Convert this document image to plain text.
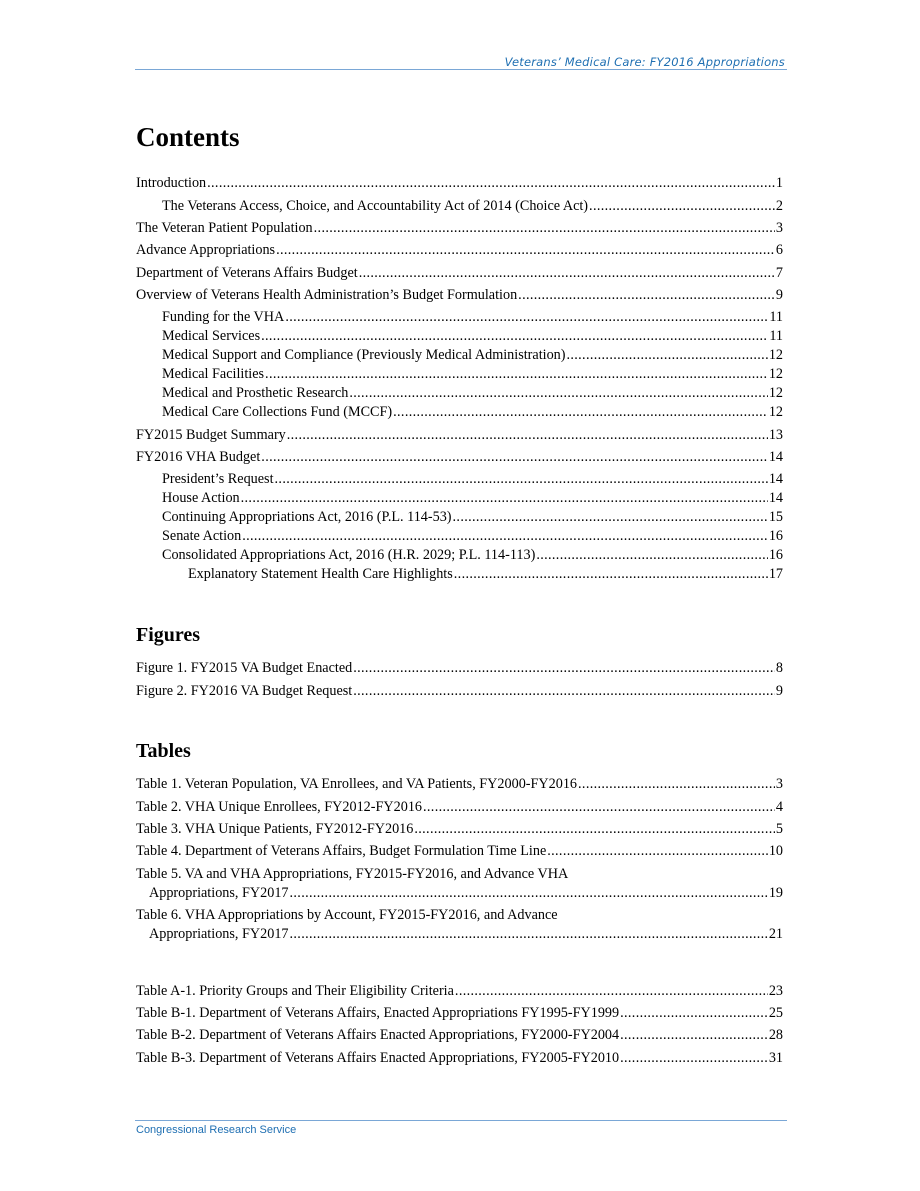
Veterans’ Medical Care: FY2016 Appropriations
Contents
Introduction . . .	1
The Veterans Access, Choice, and Accountability Act of 2014 (Choice Act) . . .	2
The Veteran Patient Population . . .	3
Advance Appropriations . . .	6
Department of Veterans Affairs Budget . . .	7
Overview of Veterans Health Administration’s Budget Formulation . . .	9
Funding for the VHA . . .	11
Medical Services . . .	11
Medical Support and Compliance (Previously Medical Administration) . . .	12
Medical Facilities . . .	12
Medical and Prosthetic Research . . .	12
Medical Care Collections Fund (MCCF) . . .	12
FY2015 Budget Summary . . .	13
FY2016 VHA Budget . . .	14
President’s Request . . .	14
House Action . . .	14
Continuing Appropriations Act, 2016 (P.L. 114-53) . . .	15
Senate Action . . .	16
Consolidated Appropriations Act, 2016 (H.R. 2029; P.L. 114-113) . . .	16
Explanatory Statement Health Care Highlights . . .	17
Figures
Figure 1. FY2015 VA Budget Enacted . . .	8
Figure 2. FY2016 VA Budget Request . . .	9
Tables
Table 1. Veteran Population, VA Enrollees, and VA Patients, FY2000-FY2016 . . .	3
Table 2. VHA Unique Enrollees, FY2012-FY2016 . . .	4
Table 3. VHA Unique Patients, FY2012-FY2016 . . .	5
Table 4. Department of Veterans Affairs, Budget Formulation Time Line . . .	10
Table 5. VA and VHA Appropriations, FY2015-FY2016, and Advance VHA
Appropriations, FY2017 . . .	19
Table 6. VHA Appropriations by Account, FY2015-FY2016, and Advance
Appropriations, FY2017 . . .	21
Table A-1. Priority Groups and Their Eligibility Criteria . . .	23
Table B-1. Department of Veterans Affairs, Enacted Appropriations FY1995-FY1999 . . .	25
Table B-2. Department of Veterans Affairs Enacted Appropriations, FY2000-FY2004 . . .	28
Table B-3. Department of Veterans Affairs Enacted Appropriations, FY2005-FY2010 . . .	31
Congressional Research Service
